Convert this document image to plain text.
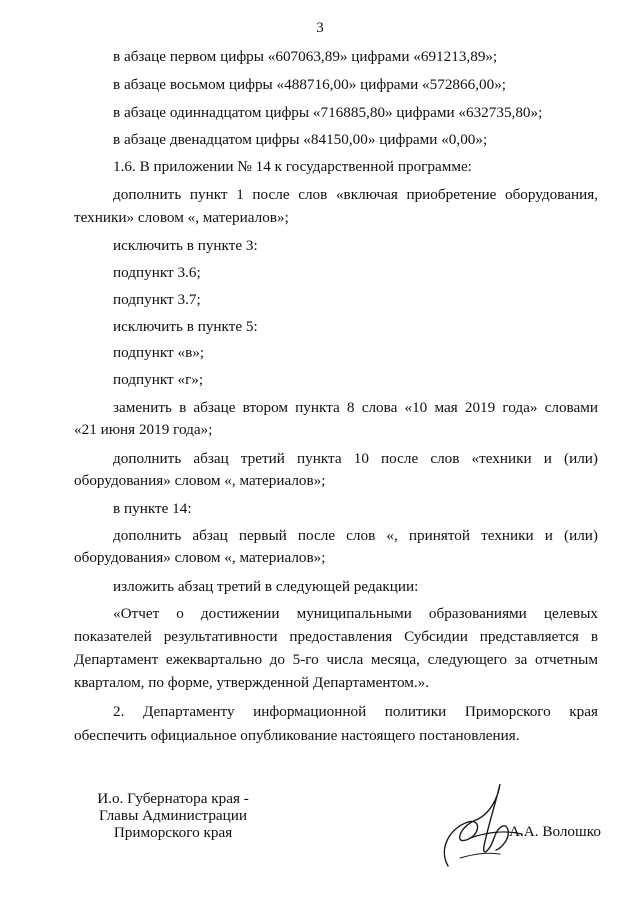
3
в абзаце первом цифры «607063,89» цифрами «691213,89»;
в абзаце восьмом цифры «488716,00» цифрами «572866,00»;
в абзаце одиннадцатом цифры «716885,80» цифрами «632735,80»;
в абзаце двенадцатом цифры «84150,00» цифрами «0,00»;
1.6. В приложении № 14 к государственной программе:
дополнить пункт 1 после слов «включая приобретение оборудования,
техники» словом «, материалов»;
исключить в пункте 3:
подпункт 3.6;
подпункт 3.7;
исключить в пункте 5:
подпункт «в»;
подпункт «г»;
заменить в абзаце втором пункта 8 слова «10 мая 2019 года» словами
«21 июня 2019 года»;
дополнить абзац третий пункта 10 после слов «техники и (или)
оборудования» словом «, материалов»;
в пункте 14:
дополнить абзац первый после слов «, принятой техники и (или)
оборудования» словом «, материалов»;
изложить абзац третий в следующей редакции:
«Отчет о достижении муниципальными образованиями целевых
показателей результативности предоставления Субсидии представляется в
Департамент ежеквартально до 5-го числа месяца, следующего за отчетным
кварталом, по форме, утвержденной Департаментом.».
2. Департаменту информационной политики Приморского края
обеспечить официальное опубликование настоящего постановления.
И.о. Губернатора края -
Главы Администрации
Приморского края	А.А. Волошко
